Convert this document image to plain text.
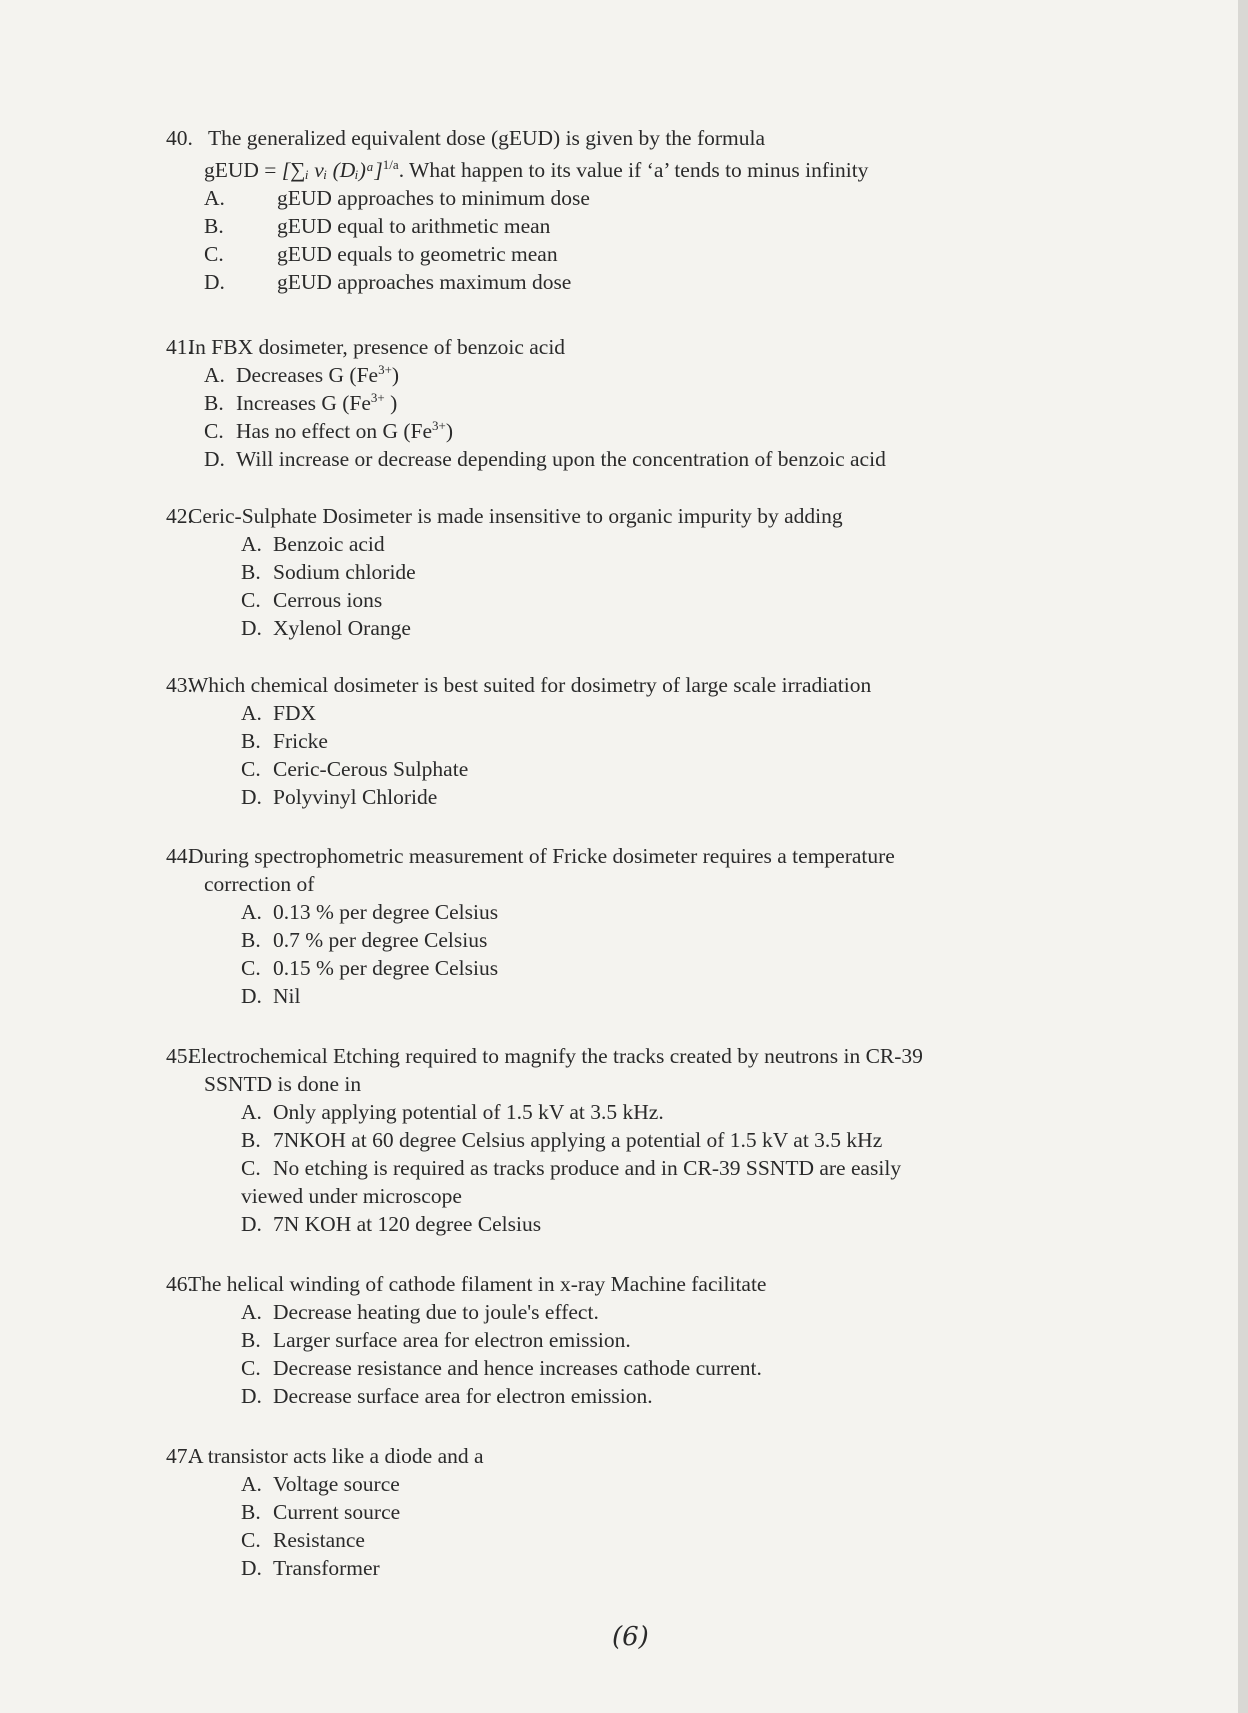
40. The generalized equivalent dose (gEUD) is given by the formula
gEUD = [∑ᵢ vᵢ (Dᵢ)ᵃ]$^{1/a}$. What happen to its value if ‘a’ tends to minus infinity
A. gEUD approaches to minimum dose
B. gEUD equal to arithmetic mean
C. gEUD equals to geometric mean
D. gEUD approaches maximum dose
41.In FBX dosimeter, presence of benzoic acid
A. Decreases G $(Fe^{3+})$
B. Increases G ($Fe^{3+}$ )
C. Has no effect on G $(Fe^{3+})$
D. Will increase or decrease depending upon the concentration of benzoic acid
42.Ceric-Sulphate Dosimeter is made insensitive to organic impurity by adding
A. Benzoic acid
B. Sodium chloride
C. Cerrous ions
D. Xylenol Orange
43.Which chemical dosimeter is best suited for dosimetry of large scale irradiation
A. FDX
B. Fricke
C. Ceric-Cerous Sulphate
D. Polyvinyl Chloride
44.During spectrophometric measurement of Fricke dosimeter requires a temperature
correction of
A. 0.13 % per degree Celsius
B. 0.7 % per degree Celsius
C. 0.15 % per degree Celsius
D. Nil
45.Electrochemical Etching required to magnify the tracks created by neutrons in CR-39
SSNTD is done in
A. Only applying potential of 1.5 kV at 3.5 kHz.
B. 7NKOH at 60 degree Celsius applying a potential of 1.5 kV at 3.5 kHz
C. No etching is required as tracks produce and in CR-39 SSNTD are easily
viewed under microscope
D. 7N KOH at 120 degree Celsius
46.The helical winding of cathode filament in x-ray Machine facilitate
A. Decrease heating due to joule's effect.
B. Larger surface area for electron emission.
C. Decrease resistance and hence increases cathode current.
D. Decrease surface area for electron emission.
47.A transistor acts like a diode and a
A. Voltage source
B. Current source
C. Resistance
D. Transformer
(6)
